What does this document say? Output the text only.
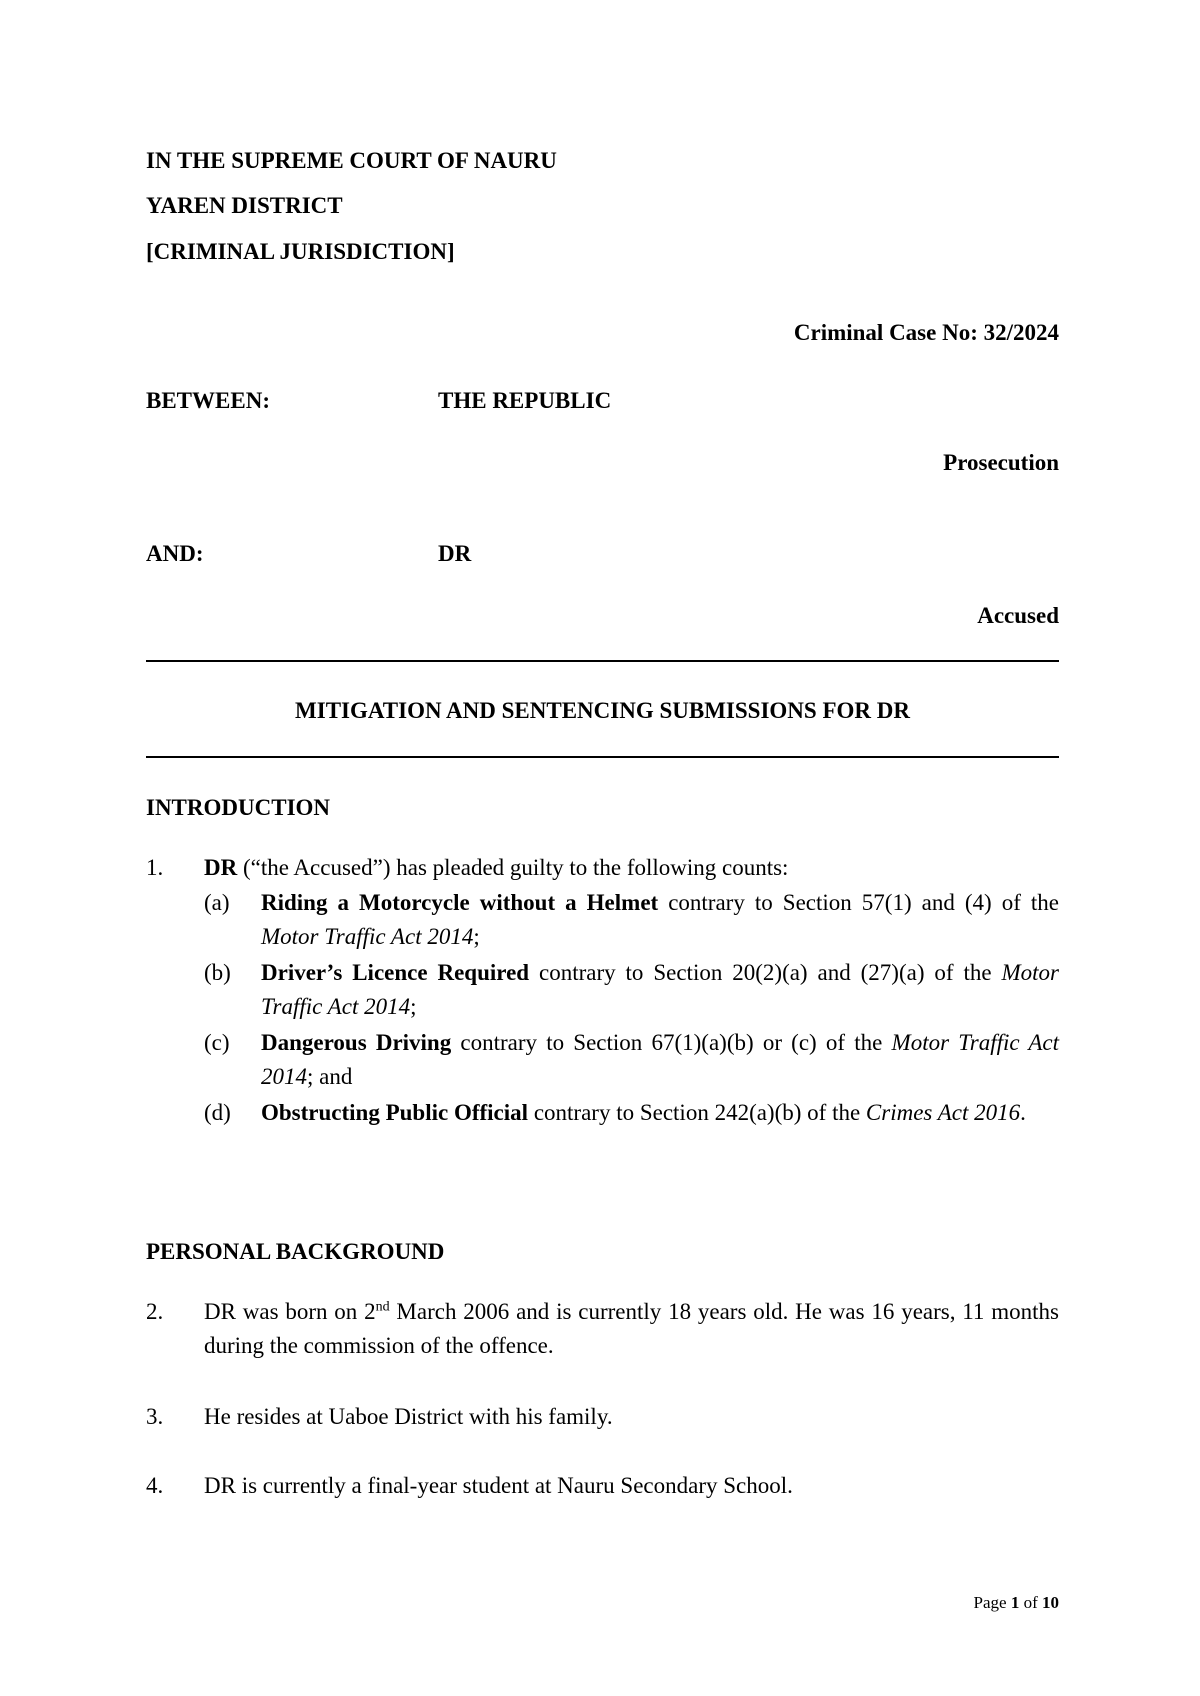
IN THE SUPREME COURT OF NAURU
YAREN DISTRICT
[CRIMINAL JURISDICTION]
Criminal Case No: 32/2024
BETWEEN:	THE REPUBLIC
Prosecution
AND:	DR
Accused
MITIGATION AND SENTENCING SUBMISSIONS FOR DR
INTRODUCTION
1. DR (“the Accused”) has pleaded guilty to the following counts:
(a) Riding a Motorcycle without a Helmet contrary to Section 57(1) and (4) of the Motor Traffic Act 2014;
(b) Driver’s Licence Required contrary to Section 20(2)(a) and (27)(a) of the Motor Traffic Act 2014;
(c) Dangerous Driving contrary to Section 67(1)(a)(b) or (c) of the Motor Traffic Act 2014; and
(d) Obstructing Public Official contrary to Section 242(a)(b) of the Crimes Act 2016.
PERSONAL BACKGROUND
2. DR was born on 2nd March 2006 and is currently 18 years old. He was 16 years, 11 months during the commission of the offence.
3. He resides at Uaboe District with his family.
4. DR is currently a final-year student at Nauru Secondary School.
Page 1 of 10
